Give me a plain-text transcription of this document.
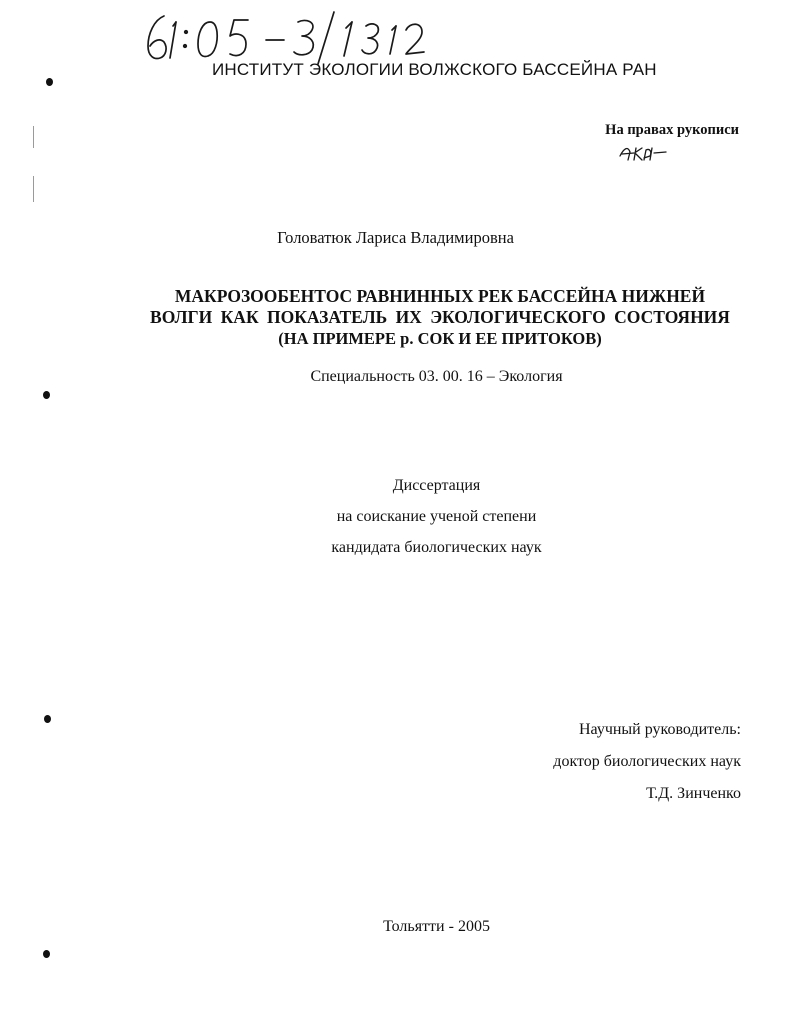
ИНСТИТУТ ЭКОЛОГИИ ВОЛЖСКОГО БАССЕЙНА РАН
На правах рукописи
Головатюк Лариса Владимировна
МАКРОЗООБЕНТОС РАВНИННЫХ РЕК БАССЕЙНА НИЖНЕЙ
ВОЛГИ КАК ПОКАЗАТЕЛЬ ИХ ЭКОЛОГИЧЕСКОГО СОСТОЯНИЯ
(НА ПРИМЕРЕ р. СОК И ЕЕ ПРИТОКОВ)
Специальность 03. 00. 16 – Экология
Диссертация
на соискание ученой степени
кандидата биологических наук
Научный руководитель:
доктор биологических наук
Т.Д. Зинченко
Тольятти - 2005
